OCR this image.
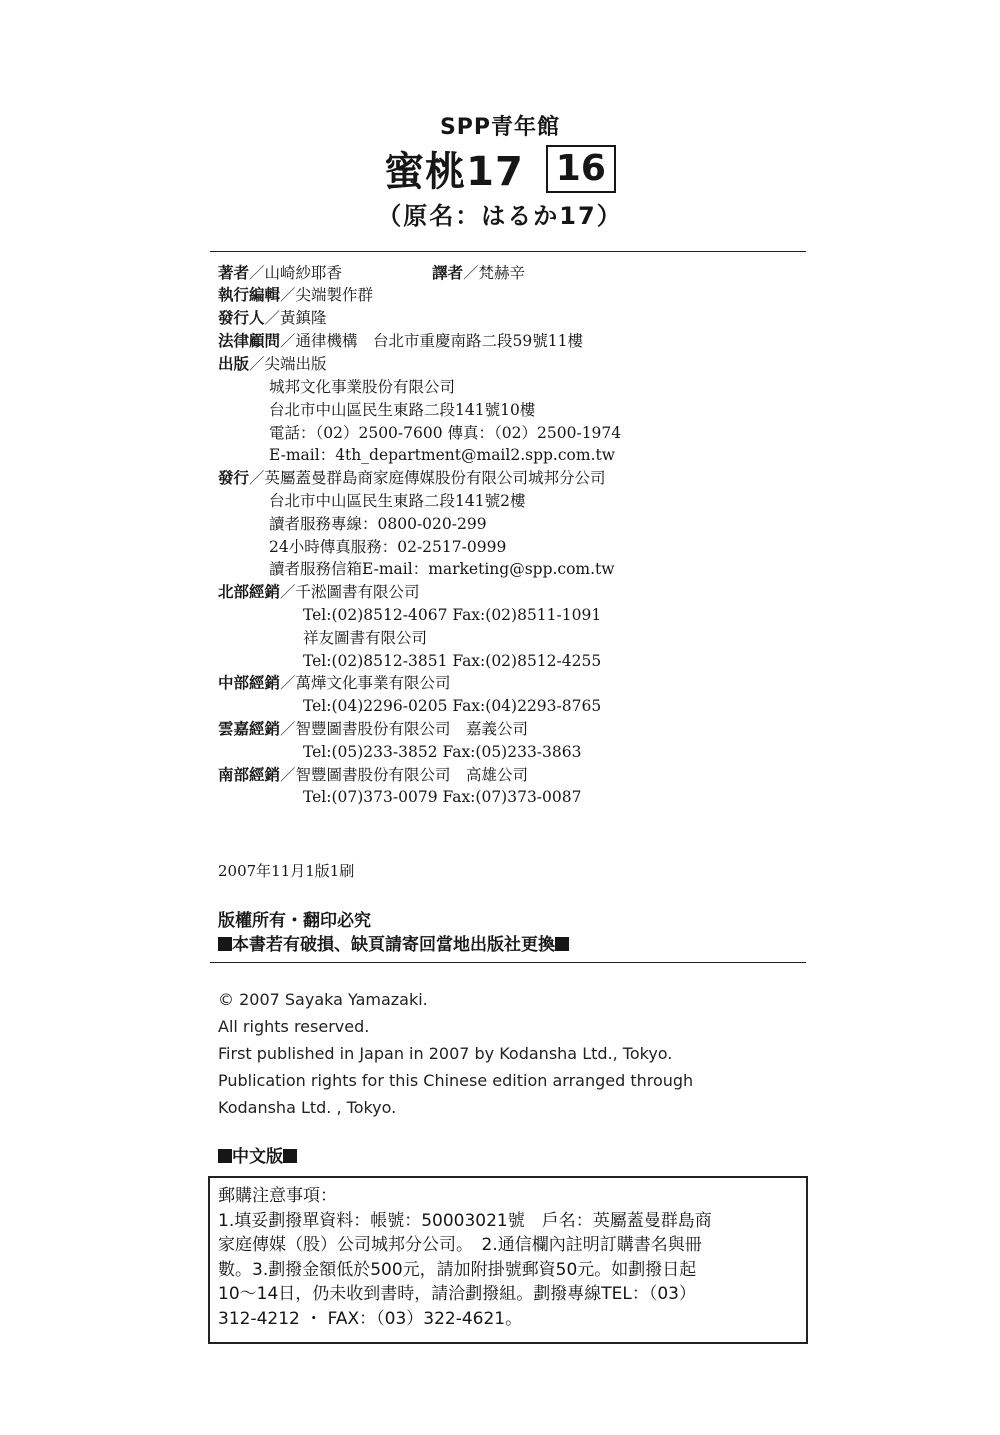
SPP青年館
蜜桃17 16
（原名：はるか17）
著者／山崎紗耶香	譯者／梵赫辛
執行編輯／尖端製作群
發行人／黃鎮隆
法律顧問／通律機構　台北市重慶南路二段59號11樓
出版／尖端出版
城邦文化事業股份有限公司
台北市中山區民生東路二段141號10樓
電話：（02）2500-7600 傳真：（02）2500-1974
E-mail：4th_department@mail2.spp.com.tw
發行／英屬蓋曼群島商家庭傳媒股份有限公司城邦分公司
台北市中山區民生東路二段141號2樓
讀者服務專線：0800-020-299
24小時傳真服務：02-2517-0999
讀者服務信箱E-mail：marketing@spp.com.tw
北部經銷／千淞圖書有限公司
Tel:(02)8512-4067 Fax:(02)8511-1091
祥友圖書有限公司
Tel:(02)8512-3851 Fax:(02)8512-4255
中部經銷／萬燁文化事業有限公司
Tel:(04)2296-0205 Fax:(04)2293-8765
雲嘉經銷／智豐圖書股份有限公司　嘉義公司
Tel:(05)233-3852 Fax:(05)233-3863
南部經銷／智豐圖書股份有限公司　高雄公司
Tel:(07)373-0079 Fax:(07)373-0087
2007年11月1版1刷
版權所有・翻印必究
本書若有破損、缺頁請寄回當地出版社更換
© 2007 Sayaka Yamazaki.
All rights reserved.
First published in Japan in 2007 by Kodansha Ltd., Tokyo.
Publication rights for this Chinese edition arranged through
Kodansha Ltd. , Tokyo.
中文版
郵購注意事項：
1.填妥劃撥單資料：帳號：50003021號　戶名：英屬蓋曼群島商
家庭傳媒（股）公司城邦分公司。　2.通信欄內註明訂購書名與冊
數。3.劃撥金額低於500元，請加附掛號郵資50元。如劃撥日起
10～14日，仍未收到書時，請洽劃撥組。劃撥專線TEL：（03）
312-4212 ・ FAX：（03）322-4621。
